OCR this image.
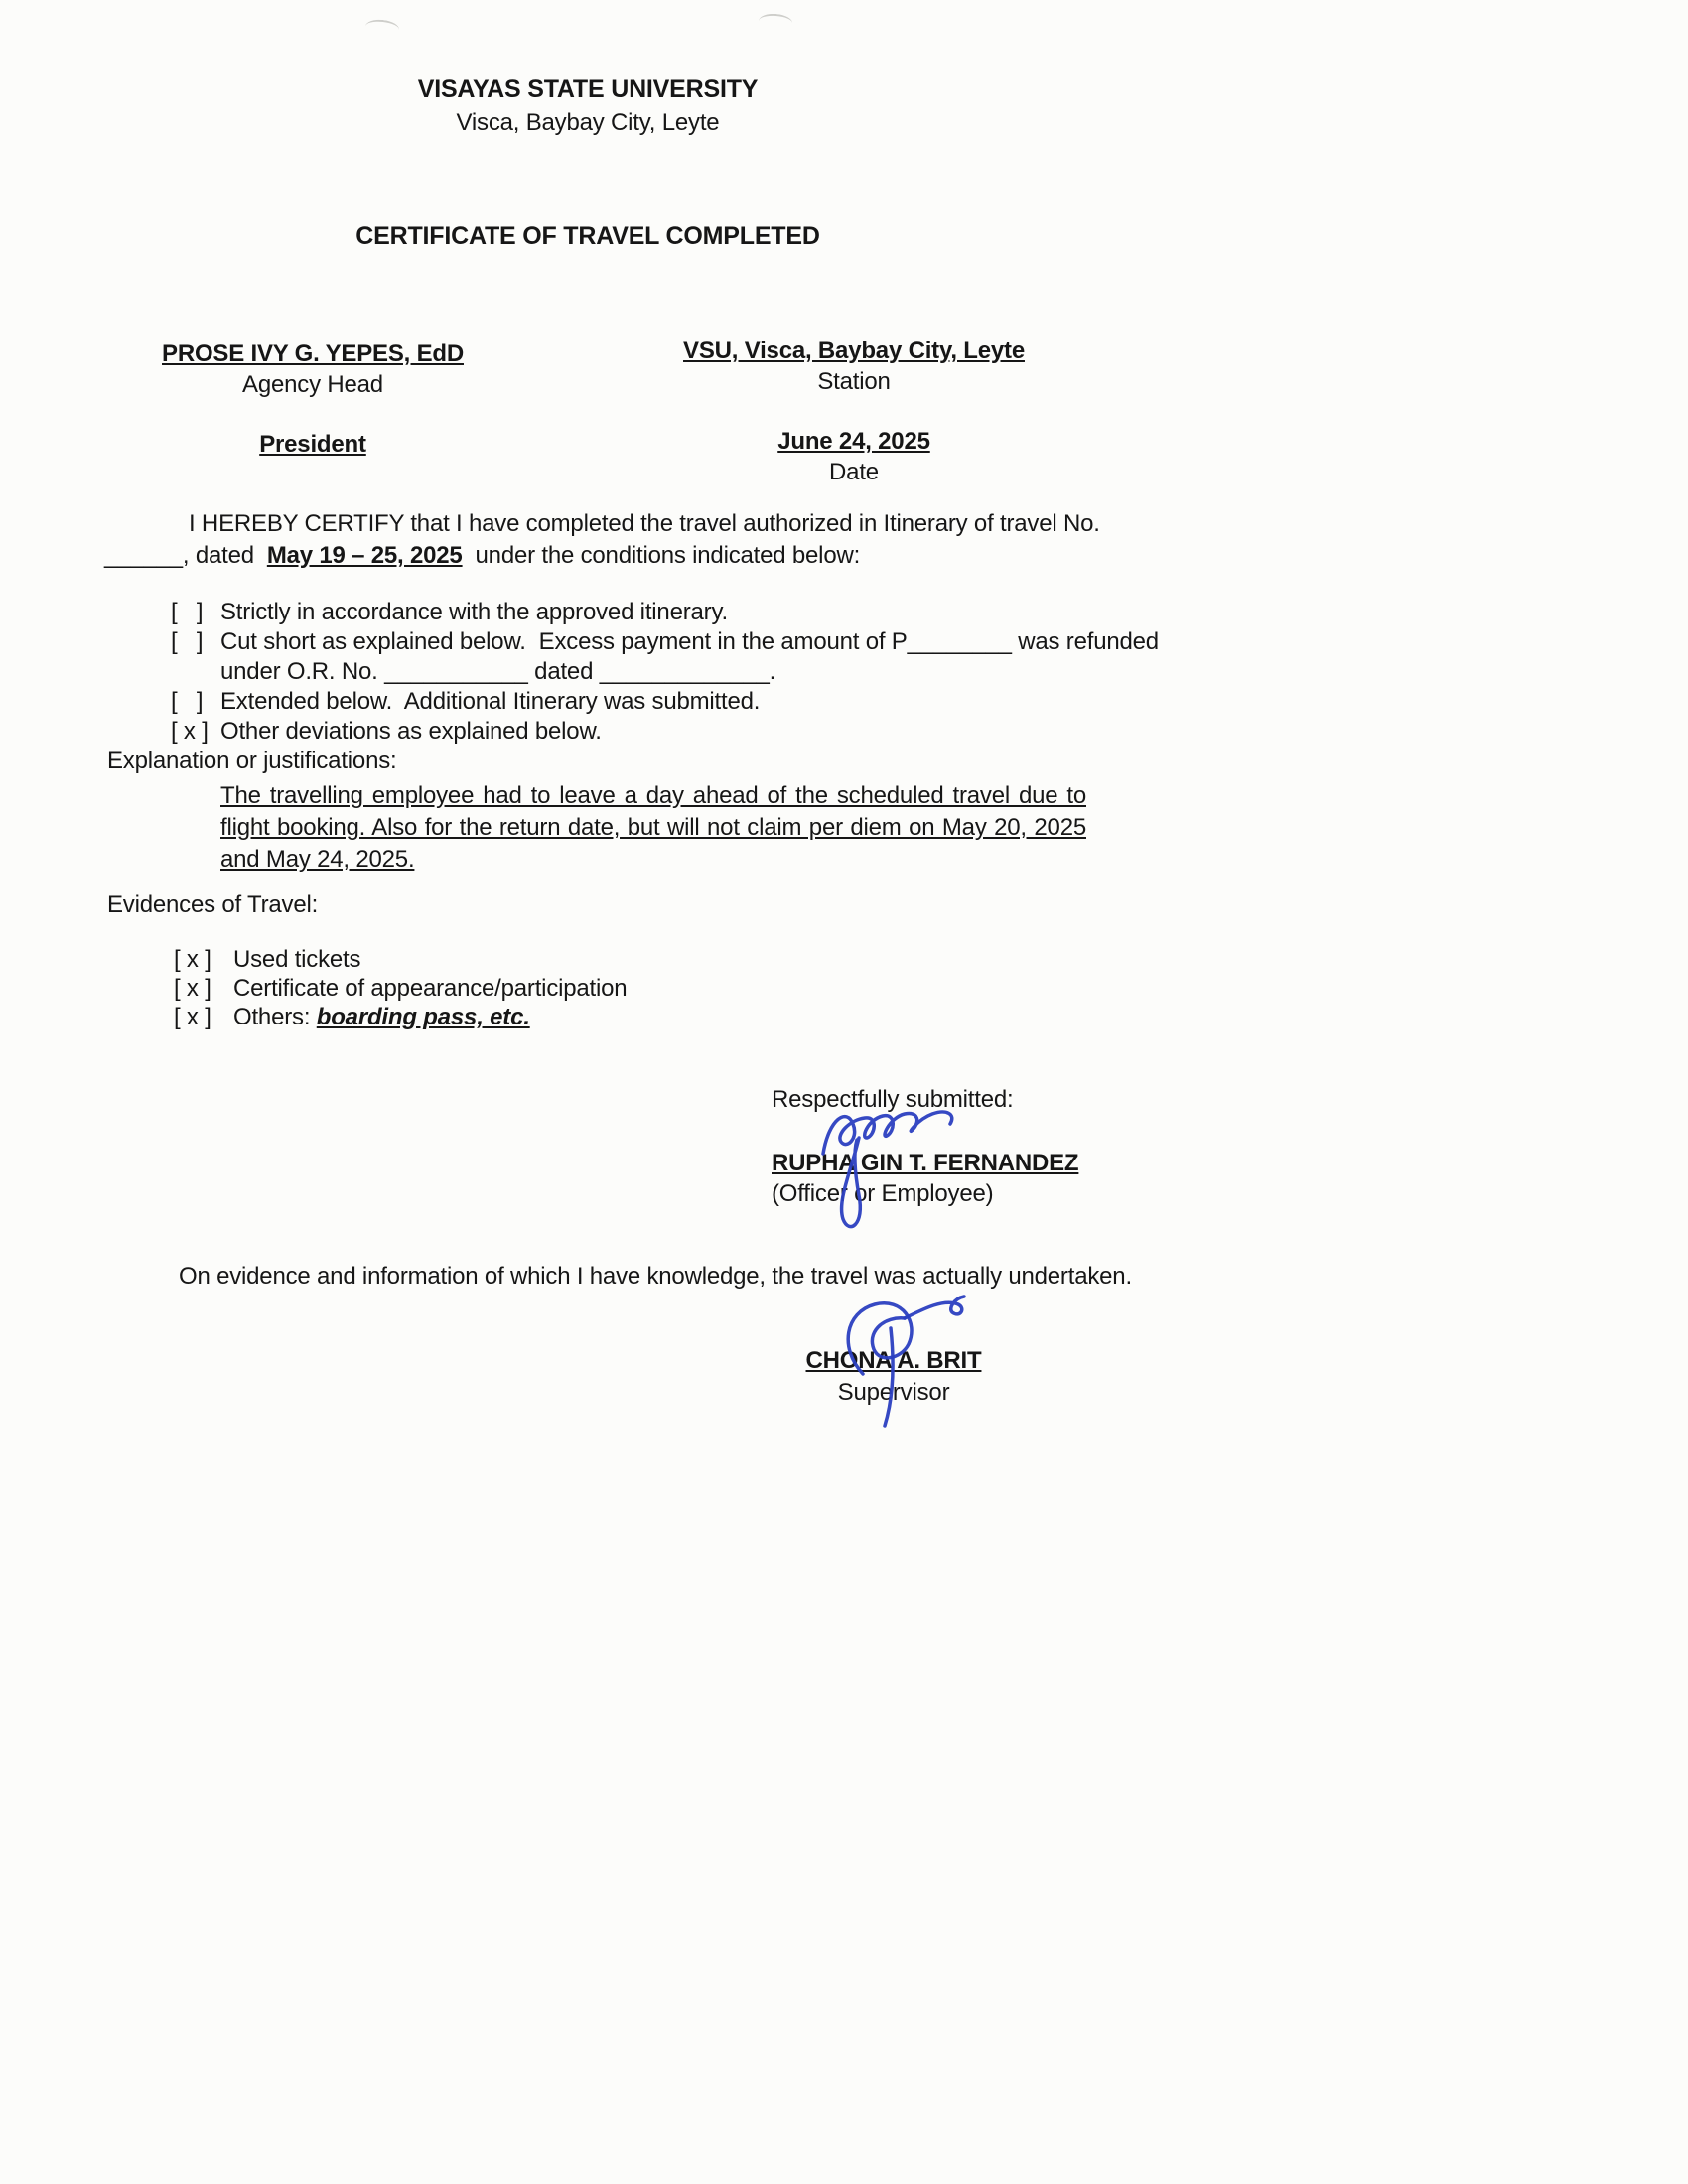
VISAYAS STATE UNIVERSITY
Visca, Baybay City, Leyte
CERTIFICATE OF TRAVEL COMPLETED
PROSE IVY G. YEPES, EdD
Agency Head
President
VSU, Visca, Baybay City, Leyte
Station
June 24, 2025
Date
I HEREBY CERTIFY that I have completed the travel authorized in Itinerary of travel No.
______, dated  May 19 – 25, 2025  under the conditions indicated below:
[   ] Strictly in accordance with the approved itinerary.
[   ] Cut short as explained below.  Excess payment in the amount of P________ was refunded
under O.R. No. ___________ dated _____________.
[   ] Extended below.  Additional Itinerary was submitted.
[ x ] Other deviations as explained below.
Explanation or justifications:
The travelling employee had to leave a day ahead of the scheduled travel due to flight booking. Also for the return date, but will not claim per diem on May 20, 2025 and May 24, 2025.
Evidences of Travel:
[ x ] Used tickets
[ x ] Certificate of appearance/participation
[ x ] Others: boarding pass, etc.
Respectfully submitted:
RUPHA GIN T. FERNANDEZ
(Officer or Employee)
On evidence and information of which I have knowledge, the travel was actually undertaken.
CHONA A. BRIT
Supervisor
